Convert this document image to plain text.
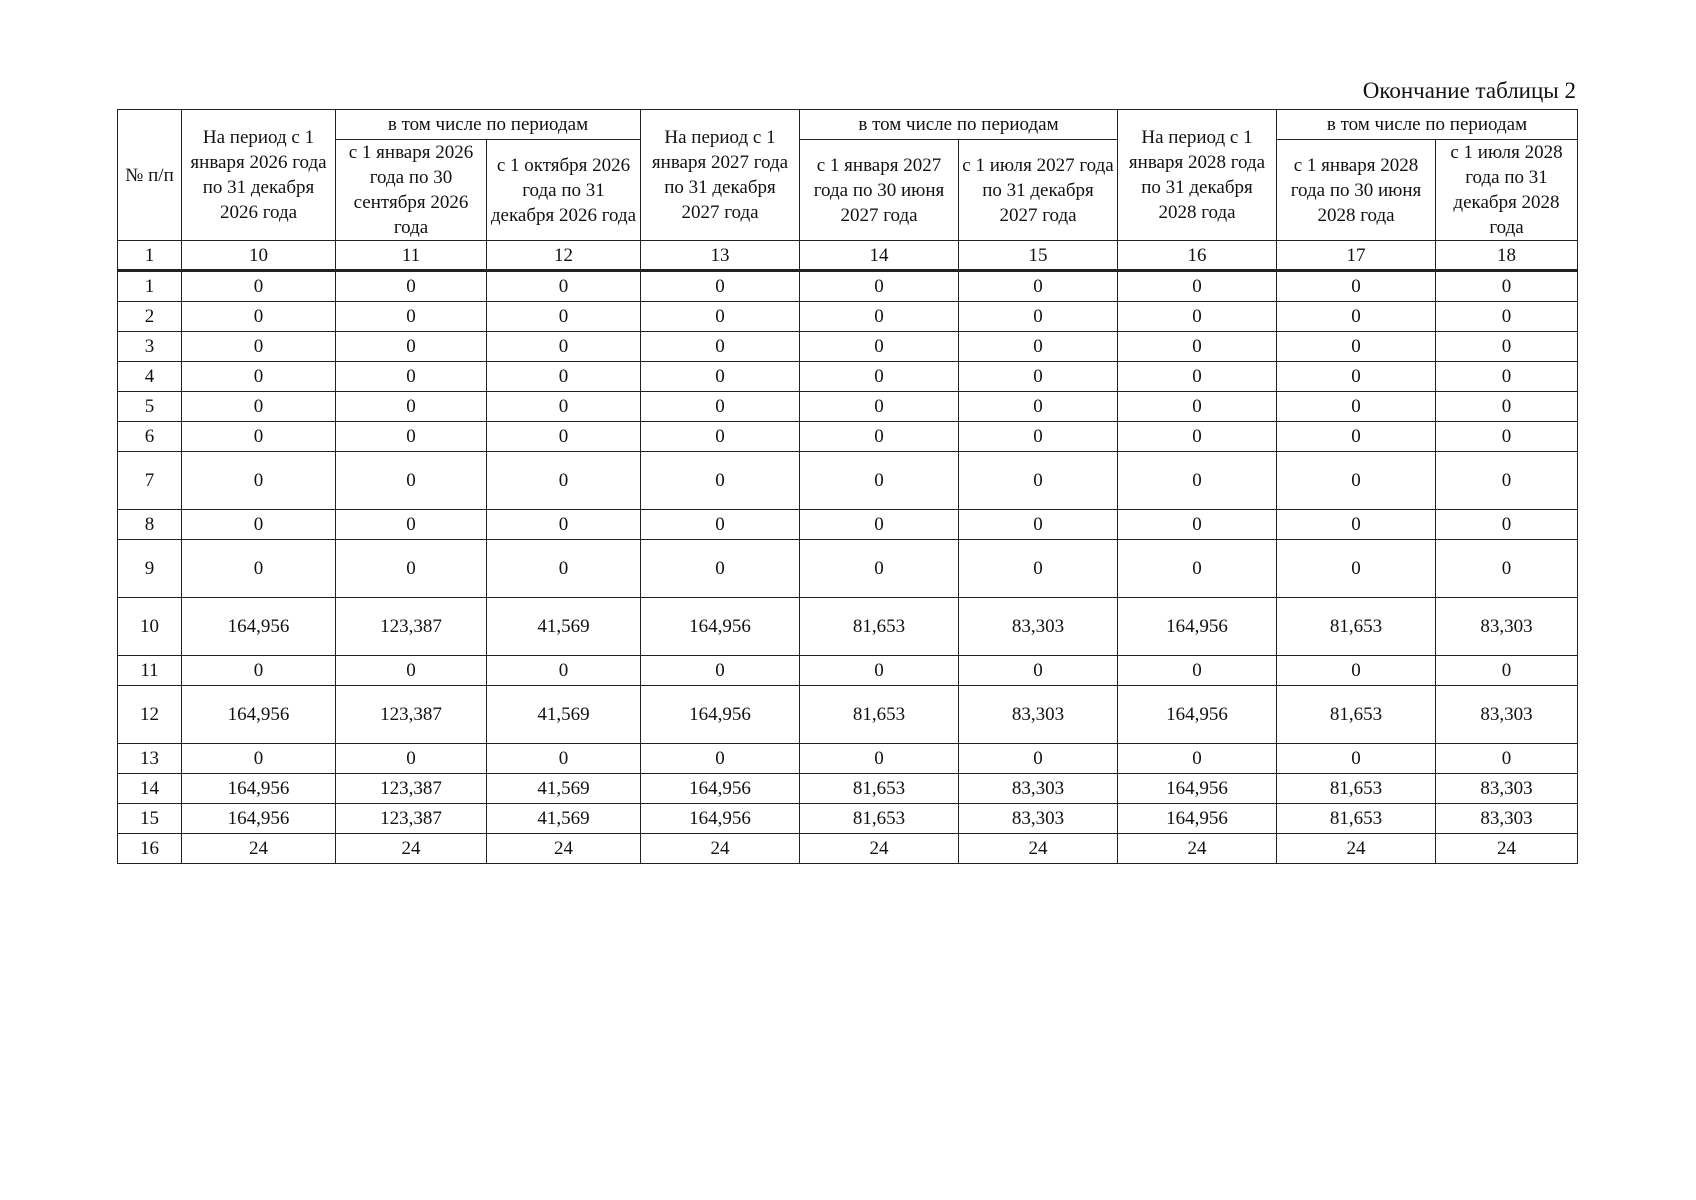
Окончание таблицы 2
№ п/п	На период с 1 января 2026 года по 31 декабря 2026 года	в том числе по периодам		На период с 1 января 2027 года по 31 декабря 2027 года	в том числе по периодам		На период с 1 января 2028 года по 31 декабря 2028 года	в том числе по периодам	
		с 1 января 2026 года по 30 сентября 2026 года	с 1 октября 2026 года по 31 декабря 2026 года		с 1 января 2027 года по 30 июня 2027 года	с 1 июля 2027 года по 31 декабря 2027 года		с 1 января 2028 года по 30 июня 2028 года	с 1 июля 2028 года по 31 декабря 2028 года
1	10	11	12	13	14	15	16	17	18
1	0	0	0	0	0	0	0	0	0
2	0	0	0	0	0	0	0	0	0
3	0	0	0	0	0	0	0	0	0
4	0	0	0	0	0	0	0	0	0
5	0	0	0	0	0	0	0	0	0
6	0	0	0	0	0	0	0	0	0
7	0	0	0	0	0	0	0	0	0
8	0	0	0	0	0	0	0	0	0
9	0	0	0	0	0	0	0	0	0
10	164,956	123,387	41,569	164,956	81,653	83,303	164,956	81,653	83,303
11	0	0	0	0	0	0	0	0	0
12	164,956	123,387	41,569	164,956	81,653	83,303	164,956	81,653	83,303
13	0	0	0	0	0	0	0	0	0
14	164,956	123,387	41,569	164,956	81,653	83,303	164,956	81,653	83,303
15	164,956	123,387	41,569	164,956	81,653	83,303	164,956	81,653	83,303
16	24	24	24	24	24	24	24	24	24
